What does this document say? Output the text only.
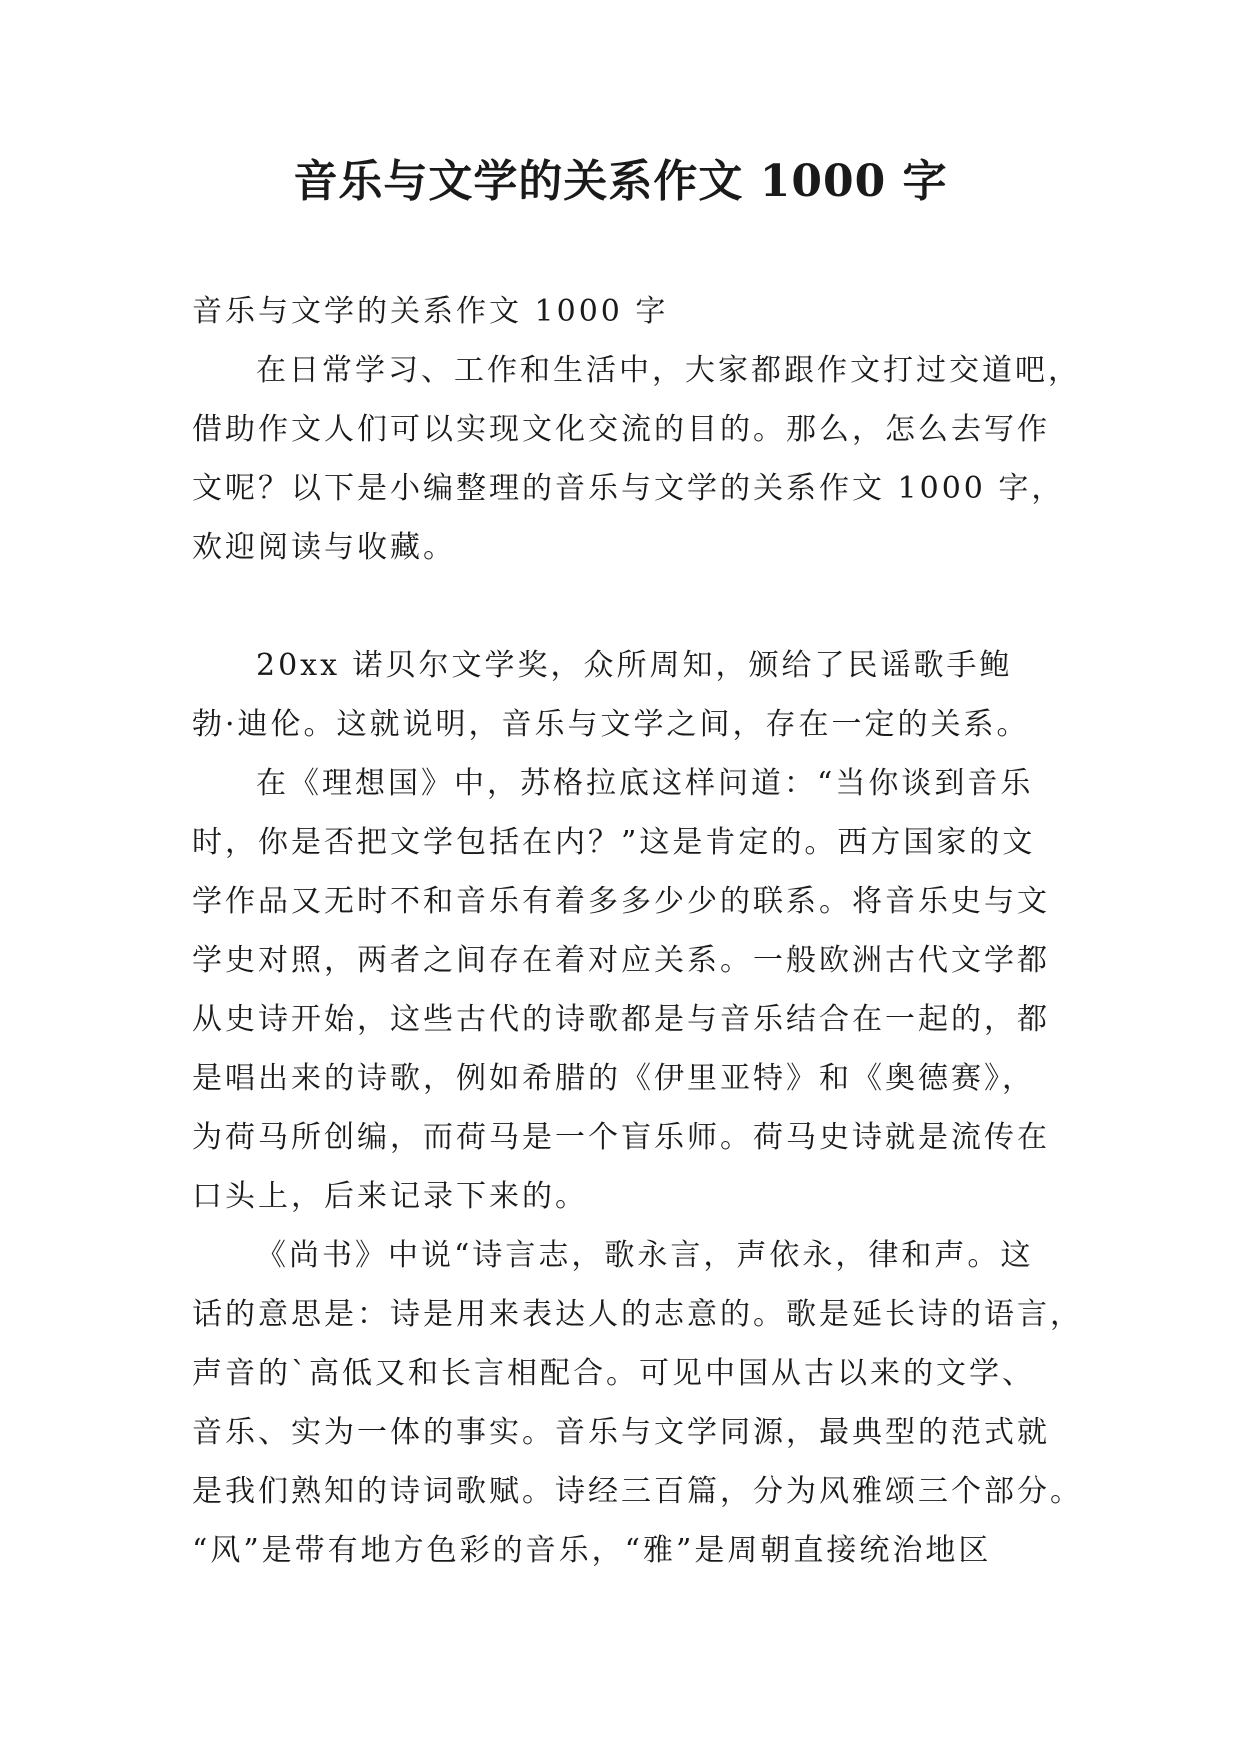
音乐与文学的关系作文 1000 字
音乐与文学的关系作文 1000 字
在日常学习、工作和生活中，大家都跟作文打过交道吧，
借助作文人们可以实现文化交流的目的。那么，怎么去写作
文呢？以下是小编整理的音乐与文学的关系作文 1000 字，
欢迎阅读与收藏。
20xx 诺贝尔文学奖，众所周知，颁给了民谣歌手鲍
勃·迪伦。这就说明，音乐与文学之间，存在一定的关系。
在《理想国》中，苏格拉底这样问道：“当你谈到音乐
时，你是否把文学包括在内？”这是肯定的。西方国家的文
学作品又无时不和音乐有着多多少少的联系。将音乐史与文
学史对照，两者之间存在着对应关系。一般欧洲古代文学都
从史诗开始，这些古代的诗歌都是与音乐结合在一起的，都
是唱出来的诗歌，例如希腊的《伊里亚特》和《奥德赛》，
为荷马所创编，而荷马是一个盲乐师。荷马史诗就是流传在
口头上，后来记录下来的。
《尚书》中说“诗言志，歌永言，声依永，律和声。这
话的意思是：诗是用来表达人的志意的。歌是延长诗的语言，
声音的`高低又和长言相配合。可见中国从古以来的文学、
音乐、实为一体的事实。音乐与文学同源，最典型的范式就
是我们熟知的诗词歌赋。诗经三百篇，分为风雅颂三个部分。
“风”是带有地方色彩的音乐，“雅”是周朝直接统治地区
